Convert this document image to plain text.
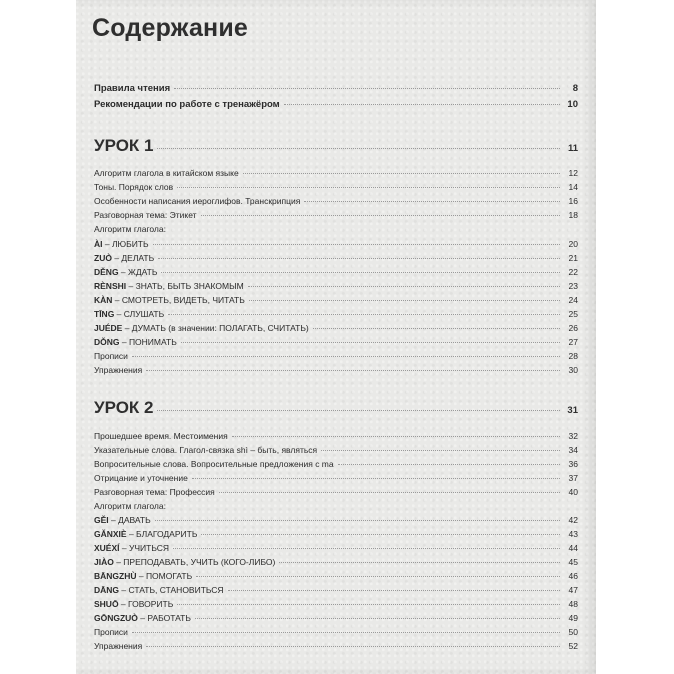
Содержание
Правила чтения	8
Рекомендации по работе с тренажёром	10
УРОК 1	11
Алгоритм глагола в китайском языке	12
Тоны. Порядок слов	14
Особенности написания иероглифов. Транскрипция	16
Разговорная тема: Этикет	18
Алгоритм глагола:
ÀI – ЛЮБИТЬ	20
ZUÒ – ДЕЛАТЬ	21
DĚNG – ЖДАТЬ	22
RÈNSHI – ЗНАТЬ, БЫТЬ ЗНАКОМЫМ	23
KÀN – СМОТРЕТЬ, ВИДЕТЬ, ЧИТАТЬ	24
TĪNG – СЛУШАТЬ	25
JUÉDE – ДУМАТЬ (в значении: ПОЛАГАТЬ, СЧИТАТЬ)	26
DǑNG – ПОНИМАТЬ	27
Прописи	28
Упражнения	30
УРОК 2	31
Прошедшее время. Местоимения	32
Указательные слова. Глагол-связка shì – быть, являться	34
Вопросительные слова. Вопросительные предложения с ma	36
Отрицание и уточнение	37
Разговорная тема: Профессия	40
Алгоритм глагола:
GĚI – ДАВАТЬ	42
GǍNXIÈ – БЛАГОДАРИТЬ	43
XUÉXÍ – УЧИТЬСЯ	44
JIÀO – ПРЕПОДАВАТЬ, УЧИТЬ (КОГО-ЛИБО)	45
BĀNGZHÙ – ПОМОГАТЬ	46
DĀNG – СТАТЬ, СТАНОВИТЬСЯ	47
SHUŌ – ГОВОРИТЬ	48
GŌNGZUÒ – РАБОТАТЬ	49
Прописи	50
Упражнения	52
